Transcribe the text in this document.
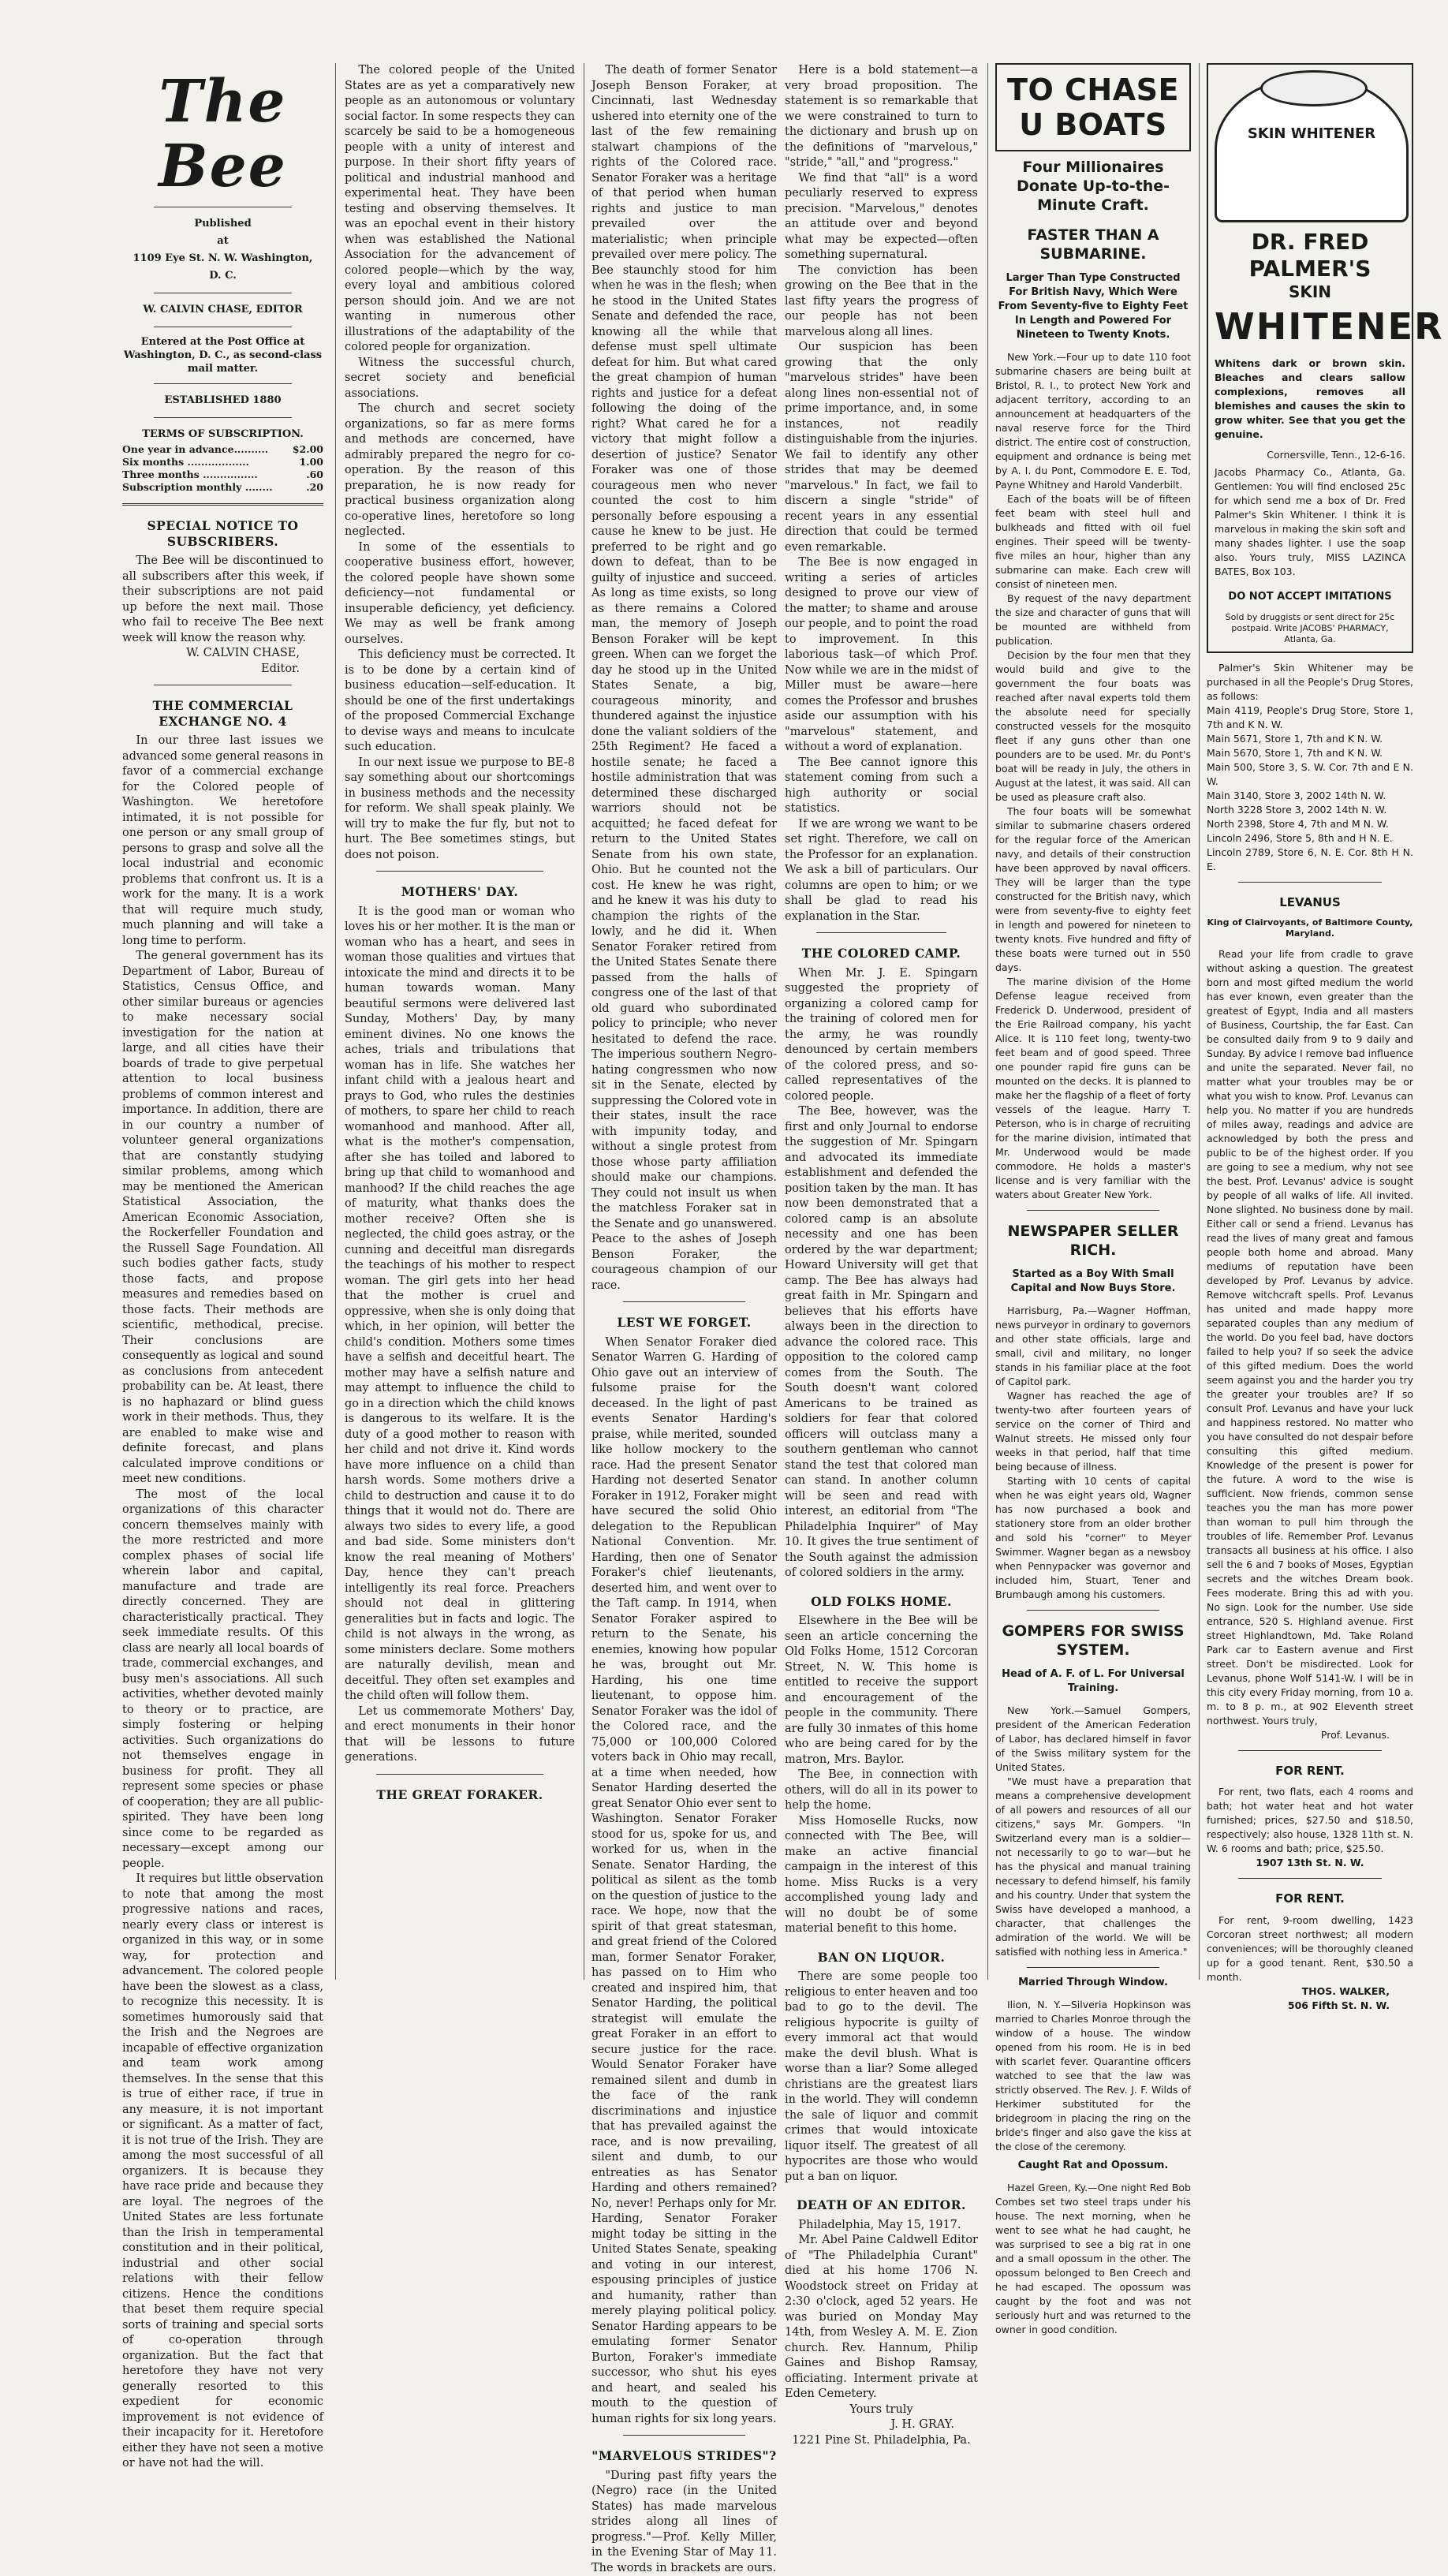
The Bee
Published
at
1109 Eye St. N. W. Washington,
D. C.
W. CALVIN CHASE, EDITOR
Entered at the Post Office at Washington, D. C., as second-class mail matter.
ESTABLISHED 1880
TERMS OF SUBSCRIPTION.
One year in advance.......... $2.00
Six months ..................	1.00
Three months ................	.60
Subscription monthly ........	.20
SPECIAL NOTICE TO SUBSCRIBERS.

The Bee will be discontinued to all subscribers after this week, if their subscriptions are not paid up before the next mail. Those who fail to receive The Bee next week will know the reason why.

W. CALVIN CHASE,
Editor.
THE COMMERCIAL EXCHANGE NO. 4

In our three last issues we advanced some general reasons in favor of a commercial exchange for the Colored people of Washington. We heretofore intimated, it is not possible for one person or any small group of persons to grasp and solve all the local industrial and economic problems that confront us. It is a work for the many. It is a work that will require much study, much planning and will take a long time to perform.

The general government has its Department of Labor, Bureau of Statistics, Census Office, and other similar bureaus or agencies to make necessary social investigation for the nation at large, and all cities have their boards of trade to give perpetual attention to local business problems of common interest and importance. In addition, there are in our country a number of volunteer general organizations that are constantly studying similar problems, among which may be mentioned the American Statistical Association, the American Economic Association, the Rockerfeller Foundation and the Russell Sage Foundation. All such bodies gather facts, study those facts, and propose measures and remedies based on those facts. Their methods are scientific, methodical, precise. Their conclusions are consequently as logical and sound as conclusions from antecedent probability can be. At least, there is no haphazard or blind guess work in their methods. Thus, they are enabled to make wise and definite forecast, and plans calculated improve conditions or meet new conditions.

The most of the local organizations of this character concern themselves mainly with the more restricted and more complex phases of social life wherein labor and capital, manufacture and trade are directly concerned. They are characteristically practical. They seek immediate results. Of this class are nearly all local boards of trade, commercial exchanges, and busy men's associations. All such activities, whether devoted mainly to theory or to practice, are simply fostering or helping activities. Such organizations do not themselves engage in business for profit. They all represent some species or phase of cooperation; they are all public-spirited. They have been long since come to be regarded as necessary—except among our people.

It requires but little observation to note that among the most progressive nations and races, nearly every class or interest is organized in this way, or in some way, for protection and advancement. The colored people have been the slowest as a class, to recognize this necessity. It is sometimes humorously said that the Irish and the Negroes are incapable of effective organization and team work among themselves. In the sense that this is true of either race, if true in any measure, it is not important or significant. As a matter of fact, it is not true of the Irish. They are among the most successful of all organizers. It is because they have race pride and because they are loyal. The negroes of the United States are less fortunate than the Irish in temperamental constitution and in their political, industrial and other social relations with their fellow citizens. Hence the conditions that beset them require special sorts of training and special sorts of co-operation through organization. But the fact that heretofore they have not very generally resorted to this expedient for economic improvement is not evidence of their incapacity for it. Heretofore either they have not seen a motive or have not had the will.

The colored people of the United States are as yet a comparatively new people as an autonomous or voluntary social factor. In some respects they can scarcely be said to be a homogeneous people with a unity of interest and purpose. In their short fifty years of political and industrial manhood and experimental heat. They have been testing and observing themselves. It was an epochal event in their history when was established the National Association for the advancement of colored people—which by the way, every loyal and ambitious colored person should join. And we are not wanting in numerous other illustrations of the adaptability of the colored people for organization.

Witness the successful church, secret society and beneficial associations.

The church and secret society organizations, so far as mere forms and methods are concerned, have admirably prepared the negro for co-operation. By the reason of this preparation, he is now ready for practical business organization along co-operative lines, heretofore so long neglected.

In some of the essentials to cooperative business effort, however, the colored people have shown some deficiency—not fundamental or insuperable deficiency, yet deficiency. We may as well be frank among ourselves.

This deficiency must be corrected. It is to be done by a certain kind of business education—self-education. It should be one of the first undertakings of the proposed Commercial Exchange to devise ways and means to inculcate such education.

In our next issue we purpose to BE-8 say something about our shortcomings in business methods and the necessity for reform. We shall speak plainly. We will try to make the fur fly, but not to hurt. The Bee sometimes stings, but does not poison.

MOTHERS' DAY.

It is the good man or woman who loves his or her mother. It is the man or woman who has a heart, and sees in woman those qualities and virtues that intoxicate the mind and directs it to be human towards woman. Many beautiful sermons were delivered last Sunday, Mothers' Day, by many eminent divines. No one knows the aches, trials and tribulations that woman has in life. She watches her infant child with a jealous heart and prays to God, who rules the destinies of mothers, to spare her child to reach womanhood and manhood. After all, what is the mother's compensation, after she has toiled and labored to bring up that child to womanhood and manhood? If the child reaches the age of maturity, what thanks does the mother receive? Often she is neglected, the child goes astray, or the cunning and deceitful man disregards the teachings of his mother to respect woman. The girl gets into her head that the mother is cruel and oppressive, when she is only doing that which, in her opinion, will better the child's condition. Mothers some times have a selfish and deceitful heart. The mother may have a selfish nature and may attempt to influence the child to go in a direction which the child knows is dangerous to its welfare. It is the duty of a good mother to reason with her child and not drive it. Kind words have more influence on a child than harsh words. Some mothers drive a child to destruction and cause it to do things that it would not do. There are always two sides to every life, a good and bad side. Some ministers don't know the real meaning of Mothers' Day, hence they can't preach intelligently its real force. Preachers should not deal in glittering generalities but in facts and logic. The child is not always in the wrong, as some ministers declare. Some mothers are naturally devilish, mean and deceitful. They often set examples and the child often will follow them.

Let us commemorate Mothers' Day, and erect monuments in their honor that will be lessons to future generations.

THE GREAT FORAKER.

The death of former Senator Joseph Benson Foraker, at Cincinnati, last Wednesday ushered into eternity one of the last of the few remaining stalwart champions of the rights of the Colored race. Senator Foraker was a heritage of that period when human rights and justice to man prevailed over the materialistic; when principle prevailed over mere policy. The Bee staunchly stood for him when he was in the flesh; when he stood in the United States Senate and defended the race, knowing all the while that defense must spell ultimate defeat for him. But what cared the great champion of human rights and justice for a defeat following the doing of the right? What cared he for a victory that might follow a desertion of justice? Senator Foraker was one of those courageous men who never counted the cost to him personally before espousing a cause he knew to be just. He preferred to be right and go down to defeat, than to be guilty of injustice and succeed. As long as time exists, so long as there remains a Colored man, the memory of Joseph Benson Foraker will be kept green. When can we forget the day he stood up in the United States Senate, a big, courageous minority, and thundered against the injustice done the valiant soldiers of the 25th Regiment? He faced a hostile senate; he faced a hostile administration that was determined these discharged warriors should not be acquitted; he faced defeat for return to the United States Senate from his own state, Ohio. But he counted not the cost. He knew he was right, and he knew it was his duty to champion the rights of the lowly, and he did it. When Senator Foraker retired from the United States Senate there passed from the halls of congress one of the last of that old guard who subordinated policy to principle; who never hesitated to defend the race. The imperious southern Negro-hating congressmen who now sit in the Senate, elected by suppressing the Colored vote in their states, insult the race with impunity today, and without a single protest from those whose party affiliation should make our champions. They could not insult us when the matchless Foraker sat in the Senate and go unanswered. Peace to the ashes of Joseph Benson Foraker, the courageous champion of our race.

LEST WE FORGET.

When Senator Foraker died Senator Warren G. Harding of Ohio gave out an interview of fulsome praise for the deceased. In the light of past events Senator Harding's praise, while merited, sounded like hollow mockery to the race. Had the present Senator Harding not deserted Senator Foraker in 1912, Foraker might have secured the solid Ohio delegation to the Republican National Convention. Mr. Harding, then one of Senator Foraker's chief lieutenants, deserted him, and went over to the Taft camp. In 1914, when Senator Foraker aspired to return to the Senate, his enemies, knowing how popular he was, brought out Mr. Harding, his one time lieutenant, to oppose him. Senator Foraker was the idol of the Colored race, and the 75,000 or 100,000 Colored voters back in Ohio may recall, at a time when needed, how Senator Harding deserted the great Senator Ohio ever sent to Washington. Senator Foraker stood for us, spoke for us, and worked for us, when in the Senate. Senator Harding, the political as silent as the tomb on the question of justice to the race. We hope, now that the spirit of that great statesman, and great friend of the Colored man, former Senator Foraker, has passed on to Him who created and inspired him, that Senator Harding, the political strategist will emulate the great Foraker in an effort to secure justice for the race. Would Senator Foraker have remained silent and dumb in the face of the rank discriminations and injustice that has prevailed against the race, and is now prevailing, silent and dumb, to our entreaties as has Senator Harding and others remained? No, never! Perhaps only for Mr. Harding, Senator Foraker might today be sitting in the United States Senate, speaking and voting in our interest, espousing principles of justice and humanity, rather than merely playing political policy. Senator Harding appears to be emulating former Senator Burton, Foraker's immediate successor, who shut his eyes and heart, and sealed his mouth to the question of human rights for six long years.

"MARVELOUS STRIDES"?

"During past fifty years the (Negro) race (in the United States) has made marvelous strides along all lines of progress."—Prof. Kelly Miller, in the Evening Star of May 11. The words in brackets are ours.

Here is a bold statement—a very broad proposition. The statement is so remarkable that we were constrained to turn to the dictionary and brush up on the definitions of "marvelous," "stride," "all," and "progress."

We find that "all" is a word peculiarly reserved to express precision. "Marvelous," denotes an attitude over and beyond what may be expected—often something supernatural.

The conviction has been growing on the Bee that in the last fifty years the progress of our people has not been marvelous along all lines.

Our suspicion has been growing that the only "marvelous strides" have been along lines non-essential not of prime importance, and, in some instances, not readily distinguishable from the injuries. We fail to identify any other strides that may be deemed "marvelous." In fact, we fail to discern a single "stride" of recent years in any essential direction that could be termed even remarkable.

The Bee is now engaged in writing a series of articles designed to prove our view of the matter; to shame and arouse our people, and to point the road to improvement. In this laborious task—of which Prof. Now while we are in the midst of Miller must be aware—here comes the Professor and brushes aside our assumption with his "marvelous" statement, and without a word of explanation.

The Bee cannot ignore this statement coming from such a high authority or social statistics.

If we are wrong we want to be set right. Therefore, we call on the Professor for an explanation. We ask a bill of particulars. Our columns are open to him; or we shall be glad to read his explanation in the Star.

THE COLORED CAMP.

When Mr. J. E. Spingarn suggested the propriety of organizing a colored camp for the training of colored men for the army, he was roundly denounced by certain members of the colored press, and so-called representatives of the colored people.

The Bee, however, was the first and only Journal to endorse the suggestion of Mr. Spingarn and advocated its immediate establishment and defended the position taken by the man. It has now been demonstrated that a colored camp is an absolute necessity and one has been ordered by the war department; Howard University will get that camp. The Bee has always had great faith in Mr. Spingarn and believes that his efforts have always been in the direction to advance the colored race. This opposition to the colored camp comes from the South. The South doesn't want colored Americans to be trained as soldiers for fear that colored officers will outclass many a southern gentleman who cannot stand the test that colored man can stand. In another column will be seen and read with interest, an editorial from "The Philadelphia Inquirer" of May 10. It gives the true sentiment of the South against the admission of colored soldiers in the army.

OLD FOLKS HOME.

Elsewhere in the Bee will be seen an article concerning the Old Folks Home, 1512 Corcoran Street, N. W. This home is entitled to receive the support and encouragement of the people in the community. There are fully 30 inmates of this home who are being cared for by the matron, Mrs. Baylor.

The Bee, in connection with others, will do all in its power to help the home.

Miss Homoselle Rucks, now connected with The Bee, will make an active financial campaign in the interest of this home. Miss Rucks is a very accomplished young lady and will no doubt be of some material benefit to this home.

BAN ON LIQUOR.

There are some people too religious to enter heaven and too bad to go to the devil. The religious hypocrite is guilty of every immoral act that would make the devil blush. What is worse than a liar? Some alleged christians are the greatest liars in the world. They will condemn the sale of liquor and commit crimes that would intoxicate liquor itself. The greatest of all hypocrites are those who would put a ban on liquor.

DEATH OF AN EDITOR.

Philadelphia, May 15, 1917.

Mr. Abel Paine Caldwell Editor of "The Philadelphia Curant" died at his home 1706 N. Woodstock street on Friday at 2:30 o'clock, aged 52 years. He was buried on Monday May 14th, from Wesley A. M. E. Zion church. Rev. Hannum, Philip Gaines and Bishop Ramsay, officiating. Interment private at Eden Cemetery.

Yours truly
J. H. GRAY.
1221 Pine St. Philadelphia, Pa.
TO CHASE U BOATS
Four Millionaires Donate Up-to-the-Minute Craft.
FASTER THAN A SUBMARINE.
Larger Than Type Constructed For British Navy, Which Were From Seventy-five to Eighty Feet In Length and Powered For Nineteen to Twenty Knots.

New York.—Four up to date 110 foot submarine chasers are being built at Bristol, R. I., to protect New York and adjacent territory, according to an announcement at headquarters of the naval reserve force for the Third district. The entire cost of construction, equipment and ordnance is being met by A. I. du Pont, Commodore E. E. Tod, Payne Whitney and Harold Vanderbilt.

Each of the boats will be of fifteen feet beam with steel hull and bulkheads and fitted with oil fuel engines. Their speed will be twenty-five miles an hour, higher than any submarine can make. Each crew will consist of nineteen men.

By request of the navy department the size and character of guns that will be mounted are withheld from publication.

Decision by the four men that they would build and give to the government the four boats was reached after naval experts told them the absolute need for specially constructed vessels for the mosquito fleet if any guns other than one pounders are to be used. Mr. du Pont's boat will be ready in July, the others in August at the latest, it was said. All can be used as pleasure craft also.

The four boats will be somewhat similar to submarine chasers ordered for the regular force of the American navy, and details of their construction have been approved by naval officers. They will be larger than the type constructed for the British navy, which were from seventy-five to eighty feet in length and powered for nineteen to twenty knots. Five hundred and fifty of these boats were turned out in 550 days.

The marine division of the Home Defense league received from Frederick D. Underwood, president of the Erie Railroad company, his yacht Alice. It is 110 feet long, twenty-two feet beam and of good speed. Three one pounder rapid fire guns can be mounted on the decks. It is planned to make her the flagship of a fleet of forty vessels of the league. Harry T. Peterson, who is in charge of recruiting for the marine division, intimated that Mr. Underwood would be made commodore. He holds a master's license and is very familiar with the waters about Greater New York.

NEWSPAPER SELLER RICH.
Started as a Boy With Small Capital and Now Buys Store.

Harrisburg, Pa.—Wagner Hoffman, news purveyor in ordinary to governors and other state officials, large and small, civil and military, no longer stands in his familiar place at the foot of Capitol park.

Wagner has reached the age of twenty-two after fourteen years of service on the corner of Third and Walnut streets. He missed only four weeks in that period, half that time being because of illness.

Starting with 10 cents of capital when he was eight years old, Wagner has now purchased a book and stationery store from an older brother and sold his "corner" to Meyer Swimmer. Wagner began as a newsboy when Pennypacker was governor and included him, Stuart, Tener and Brumbaugh among his customers.

GOMPERS FOR SWISS SYSTEM.
Head of A. F. of L. For Universal Training.

New York.—Samuel Gompers, president of the American Federation of Labor, has declared himself in favor of the Swiss military system for the United States.

"We must have a preparation that means a comprehensive development of all powers and resources of all our citizens," says Mr. Gompers. "In Switzerland every man is a soldier—not necessarily to go to war—but he has the physical and manual training necessary to defend himself, his family and his country. Under that system the Swiss have developed a manhood, a character, that challenges the admiration of the world. We will be satisfied with nothing less in America."

Married Through Window.

Ilion, N. Y.—Silveria Hopkinson was married to Charles Monroe through the window of a house. The window opened from his room. He is in bed with scarlet fever. Quarantine officers watched to see that the law was strictly observed. The Rev. J. F. Wilds of Herkimer substituted for the bridegroom in placing the ring on the bride's finger and also gave the kiss at the close of the ceremony.

Caught Rat and Opossum.

Hazel Green, Ky.—One night Red Bob Combes set two steel traps under his house. The next morning, when he went to see what he had caught, he was surprised to see a big rat in one and a small opossum in the other. The opossum belonged to Ben Creech and he had escaped. The opossum was caught by the foot and was not seriously hurt and was returned to the owner in good condition.

SKIN WHITENER
DR. FRED PALMER'S
SKIN
WHITENER

Whitens dark or brown skin. Bleaches and clears sallow complexions, removes all blemishes and causes the skin to grow whiter. See that you get the genuine.

Cornersville, Tenn., 12-6-16.

Jacobs Pharmacy Co., Atlanta, Ga. Gentlemen: You will find enclosed 25c for which send me a box of Dr. Fred Palmer's Skin Whitener. I think it is marvelous in making the skin soft and many shades lighter. I use the soap also. Yours truly, MISS LAZINCA BATES, Box 103.

DO NOT ACCEPT IMITATIONS
Sold by druggists or sent direct for 25c postpaid. Write JACOBS' PHARMACY, Atlanta, Ga.

Palmer's Skin Whitener may be purchased in all the People's Drug Stores, as follows:

Main 4119, People's Drug Store, Store 1, 7th and K N. W.

Main 5671, Store 1, 7th and K N. W.

Main 5670, Store 1, 7th and K N. W.

Main 500, Store 3, S. W. Cor. 7th and E N. W.

Main 3140, Store 3, 2002 14th N. W.

North 3228 Store 3, 2002 14th N. W.

North 2398, Store 4, 7th and M N. W.

Lincoln 2496, Store 5, 8th and H N. E.

Lincoln 2789, Store 6, N. E. Cor. 8th H N. E.

LEVANUS
King of Clairvoyants, of Baltimore County, Maryland.

Read your life from cradle to grave without asking a question. The greatest born and most gifted medium the world has ever known, even greater than the greatest of Egypt, India and all masters of Business, Courtship, the far East. Can be consulted daily from 9 to 9 daily and Sunday. By advice I remove bad influence and unite the separated. Never fail, no matter what your troubles may be or what you wish to know. Prof. Levanus can help you. No matter if you are hundreds of miles away, readings and advice are acknowledged by both the press and public to be of the highest order. If you are going to see a medium, why not see the best. Prof. Levanus' advice is sought by people of all walks of life. All invited. None slighted. No business done by mail. Either call or send a friend. Levanus has read the lives of many great and famous people both home and abroad. Many mediums of reputation have been developed by Prof. Levanus by advice. Remove witchcraft spells. Prof. Levanus has united and made happy more separated couples than any medium of the world. Do you feel bad, have doctors failed to help you? If so seek the advice of this gifted medium. Does the world seem against you and the harder you try the greater your troubles are? If so consult Prof. Levanus and have your luck and happiness restored. No matter who you have consulted do not despair before consulting this gifted medium. Knowledge of the present is power for the future. A word to the wise is sufficient. Now friends, common sense teaches you the man has more power than woman to pull him through the troubles of life. Remember Prof. Levanus transacts all business at his office. I also sell the 6 and 7 books of Moses, Egyptian secrets and the witches Dream book. Fees moderate. Bring this ad with you. No sign. Look for the number. Use side entrance, 520 S. Highland avenue. First street Highlandtown, Md. Take Roland Park car to Eastern avenue and First street. Don't be misdirected. Look for Levanus, phone Wolf 5141-W. I will be in this city every Friday morning, from 10 a. m. to 8 p. m., at 902 Eleventh street northwest. Yours truly,

Prof. Levanus.
FOR RENT.

For rent, two flats, each 4 rooms and bath; hot water heat and hot water furnished; prices, $27.50 and $18.50, respectively; also house, 1328 11th st. N. W. 6 rooms and bath; price, $25.50.

1907 13th St. N. W.
FOR RENT.

For rent, 9-room dwelling, 1423 Corcoran street northwest; all modern conveniences; will be thoroughly cleaned up for a good tenant. Rent, $30.50 a month.

THOS. WALKER,
506 Fifth St. N. W.
